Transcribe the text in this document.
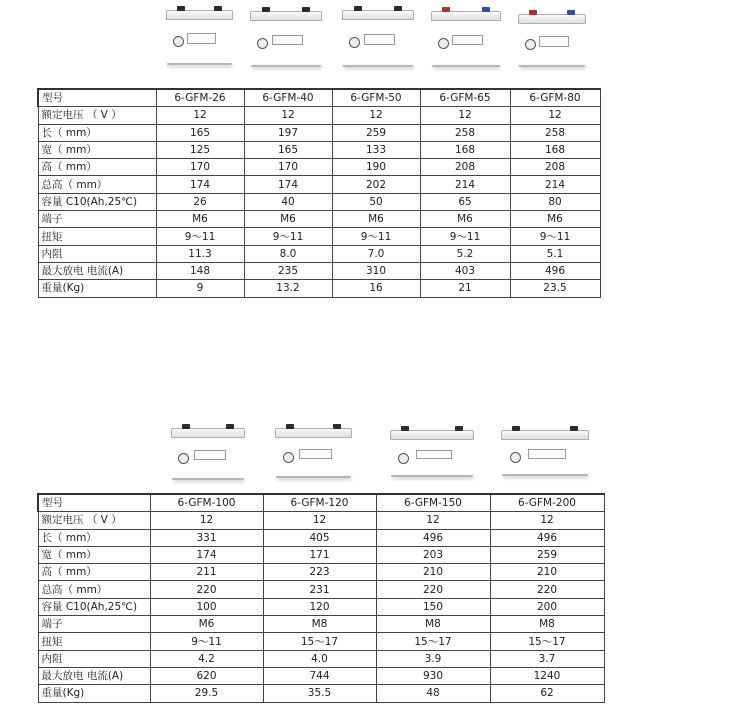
型号	6-GFM-26	6-GFM-40	6-GFM-50	6-GFM-65	6-GFM-80
额定电压 （ V ）	12	12	12	12	12
长（ mm）	165	197	259	258	258
宽（ mm）	125	165	133	168	168
高（ mm）	170	170	190	208	208
总高（ mm）	174	174	202	214	214
容量 C10(Ah,25℃)	26	40	50	65	80
端子	M6	M6	M6	M6	M6
扭矩	9～11	9～11	9～11	9～11	9～11
内阻	11.3	8.0	7.0	5.2	5.1
最大放电 电流(A)	148	235	310	403	496
重量(Kg)	9	13.2	16	21	23.5
型号	6-GFM-100	6-GFM-120	6-GFM-150	6-GFM-200
额定电压 （ V ）	12	12	12	12
长（ mm）	331	405	496	496
宽（ mm）	174	171	203	259
高（ mm）	211	223	210	210
总高（ mm）	220	231	220	220
容量 C10(Ah,25℃)	100	120	150	200
端子	M6	M8	M8	M8
扭矩	9～11	15～17	15～17	15～17
内阻	4.2	4.0	3.9	3.7
最大放电 电流(A)	620	744	930	1240
重量(Kg)	29.5	35.5	48	62
